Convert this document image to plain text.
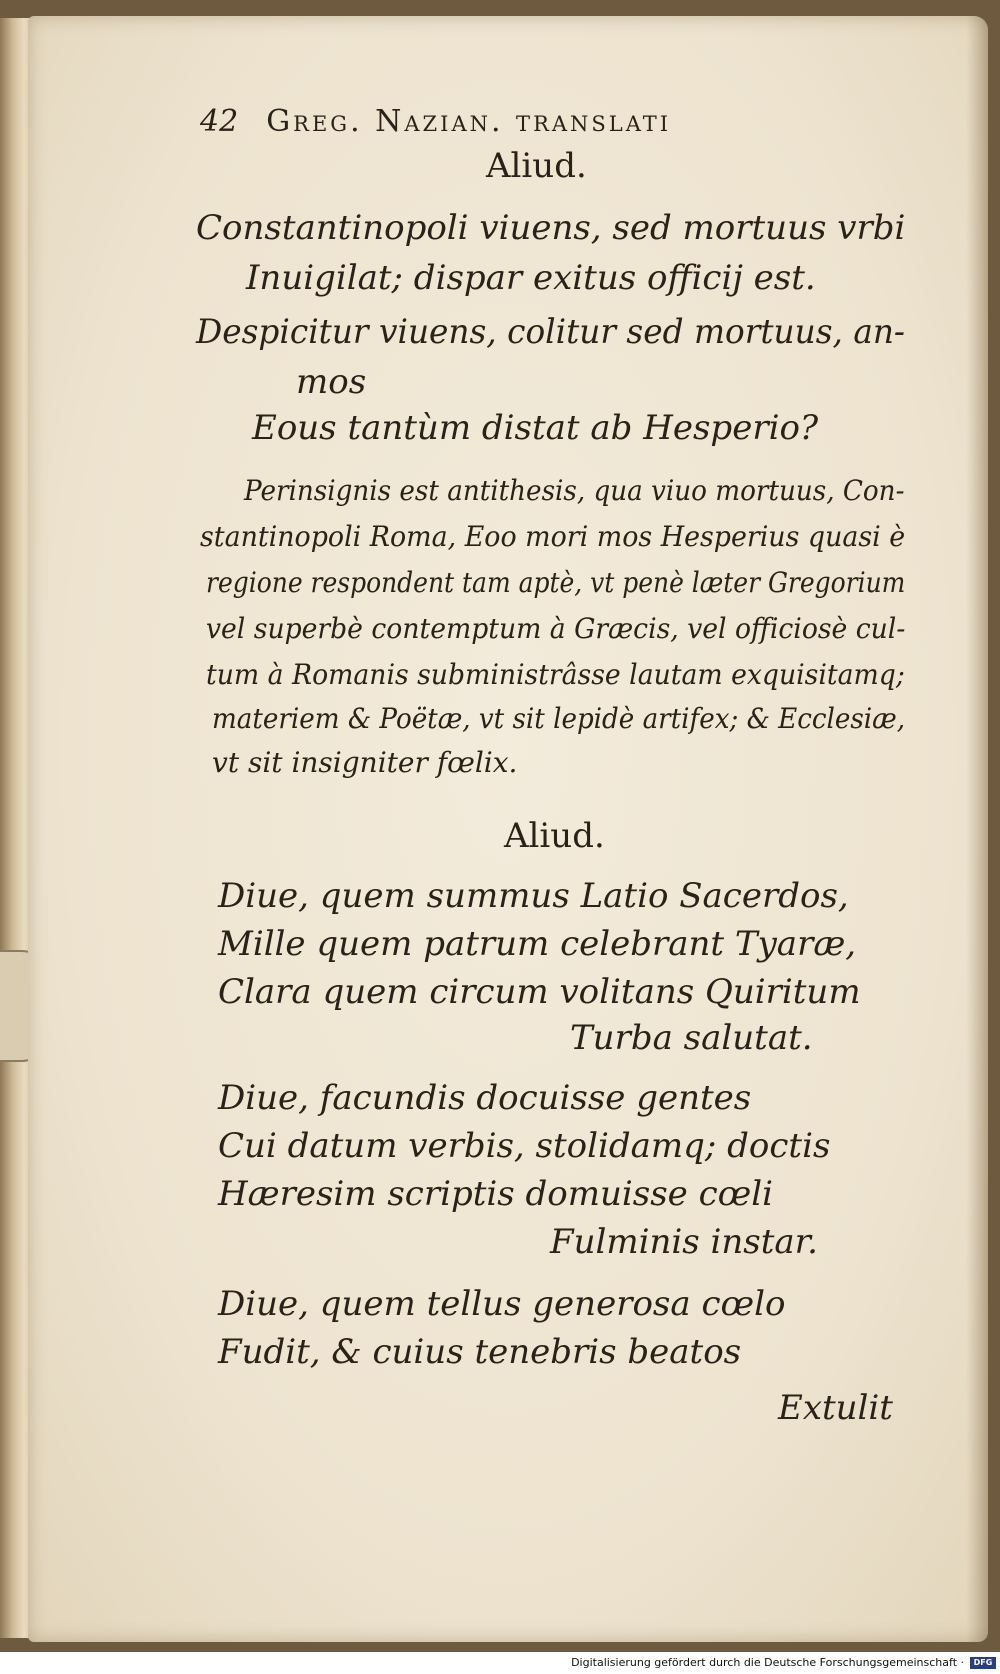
42 Greg. Nazian. translati
Aliud.
Constantinopoli viuens, sed mortuus vrbi
Inuigilat; dispar exitus officij est.
Despicitur viuens, colitur sed mortuus, an-
mos
Eous tantùm distat ab Hesperio?
Perinsignis est antithesis, qua viuo mortuus, Con-
stantinopoli Roma, Eoo mori mos Hesperius quasi è
regione respondent tam aptè, vt penè læter Gregorium
vel superbè contemptum à Græcis, vel officiosè cul-
tum à Romanis subministrâsse lautam exquisitamq;
materiem & Poëtæ, vt sit lepidè artifex; & Ecclesiæ,
vt sit insigniter fœlix.
Aliud.
Diue, quem summus Latio Sacerdos,
Mille quem patrum celebrant Tyaræ,
Clara quem circum volitans Quiritum
Turba salutat.
Diue, facundis docuisse gentes
Cui datum verbis, stolidamq; doctis
Hæresim scriptis domuisse cœli
Fulminis instar.
Diue, quem tellus generosa cœlo
Fudit, & cuius tenebris beatos
Extulit
Digitalisierung gefördert durch die Deutsche Forschungsgemeinschaft ·	DFG
